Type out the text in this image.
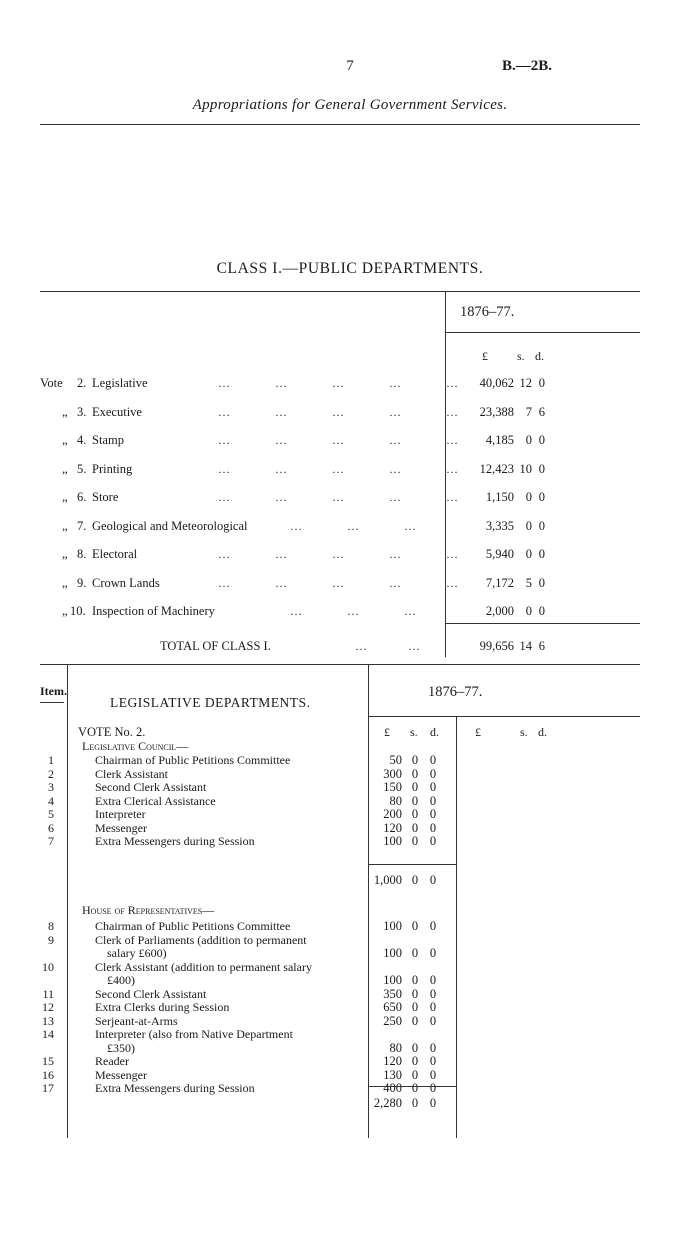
7	B.—2B.
Appropriations for General Government Services.
CLASS I.—PUBLIC DEPARTMENTS.
1876–77.
£ s. d.
Vote 2. Legislative	…           …           …           …           …	40,062 12 0
„ 3. Executive	…           …           …           …           …	23,388 7 6
„ 4. Stamp	…           …           …           …           …	4,185 0 0
„ 5. Printing	…           …           …           …           …	12,423 10 0
„ 6. Store	…           …           …           …           …	1,150 0 0
„ 7. Geological and Meteorological	…           …           …	3,335 0 0
„ 8. Electoral	…           …           …           …           …	5,940 0 0
„ 9. Crown Lands	…           …           …           …           …	7,172 5 0
„ 10. Inspection of Machinery	…           …           …	2,000 0 0
TOTAL OF CLASS I.	…          …	99,656 14 6
Item.
LEGISLATIVE DEPARTMENTS.
1876–77.
£ s. d.	£	s. d.
VOTE No. 2.
Legislative Council—
House of Representatives—
1	Chairman of Public Petitions Committee	50 0 0
2	Clerk Assistant	300 0 0
3	Second Clerk Assistant	150 0 0
4	Extra Clerical Assistance	80 0 0
5	Interpreter	200 0 0
6	Messenger	120 0 0
7	Extra Messengers during Session	100 0 0
8	Chairman of Public Petitions Committee	100 0 0
9	Clerk of Parliaments (addition to permanent
salary £600)	100 0 0
10	Clerk Assistant (addition to permanent salary
£400)	100 0 0
11	Second Clerk Assistant	350 0 0
12	Extra Clerks during Session	650 0 0
13	Serjeant-at-Arms	250 0 0
14	Interpreter (also from Native Department
£350)	80 0 0
15	Reader	120 0 0
16	Messenger	130 0 0
17	Extra Messengers during Session	400 0 0
1,000 0 0
2,280 0 0
